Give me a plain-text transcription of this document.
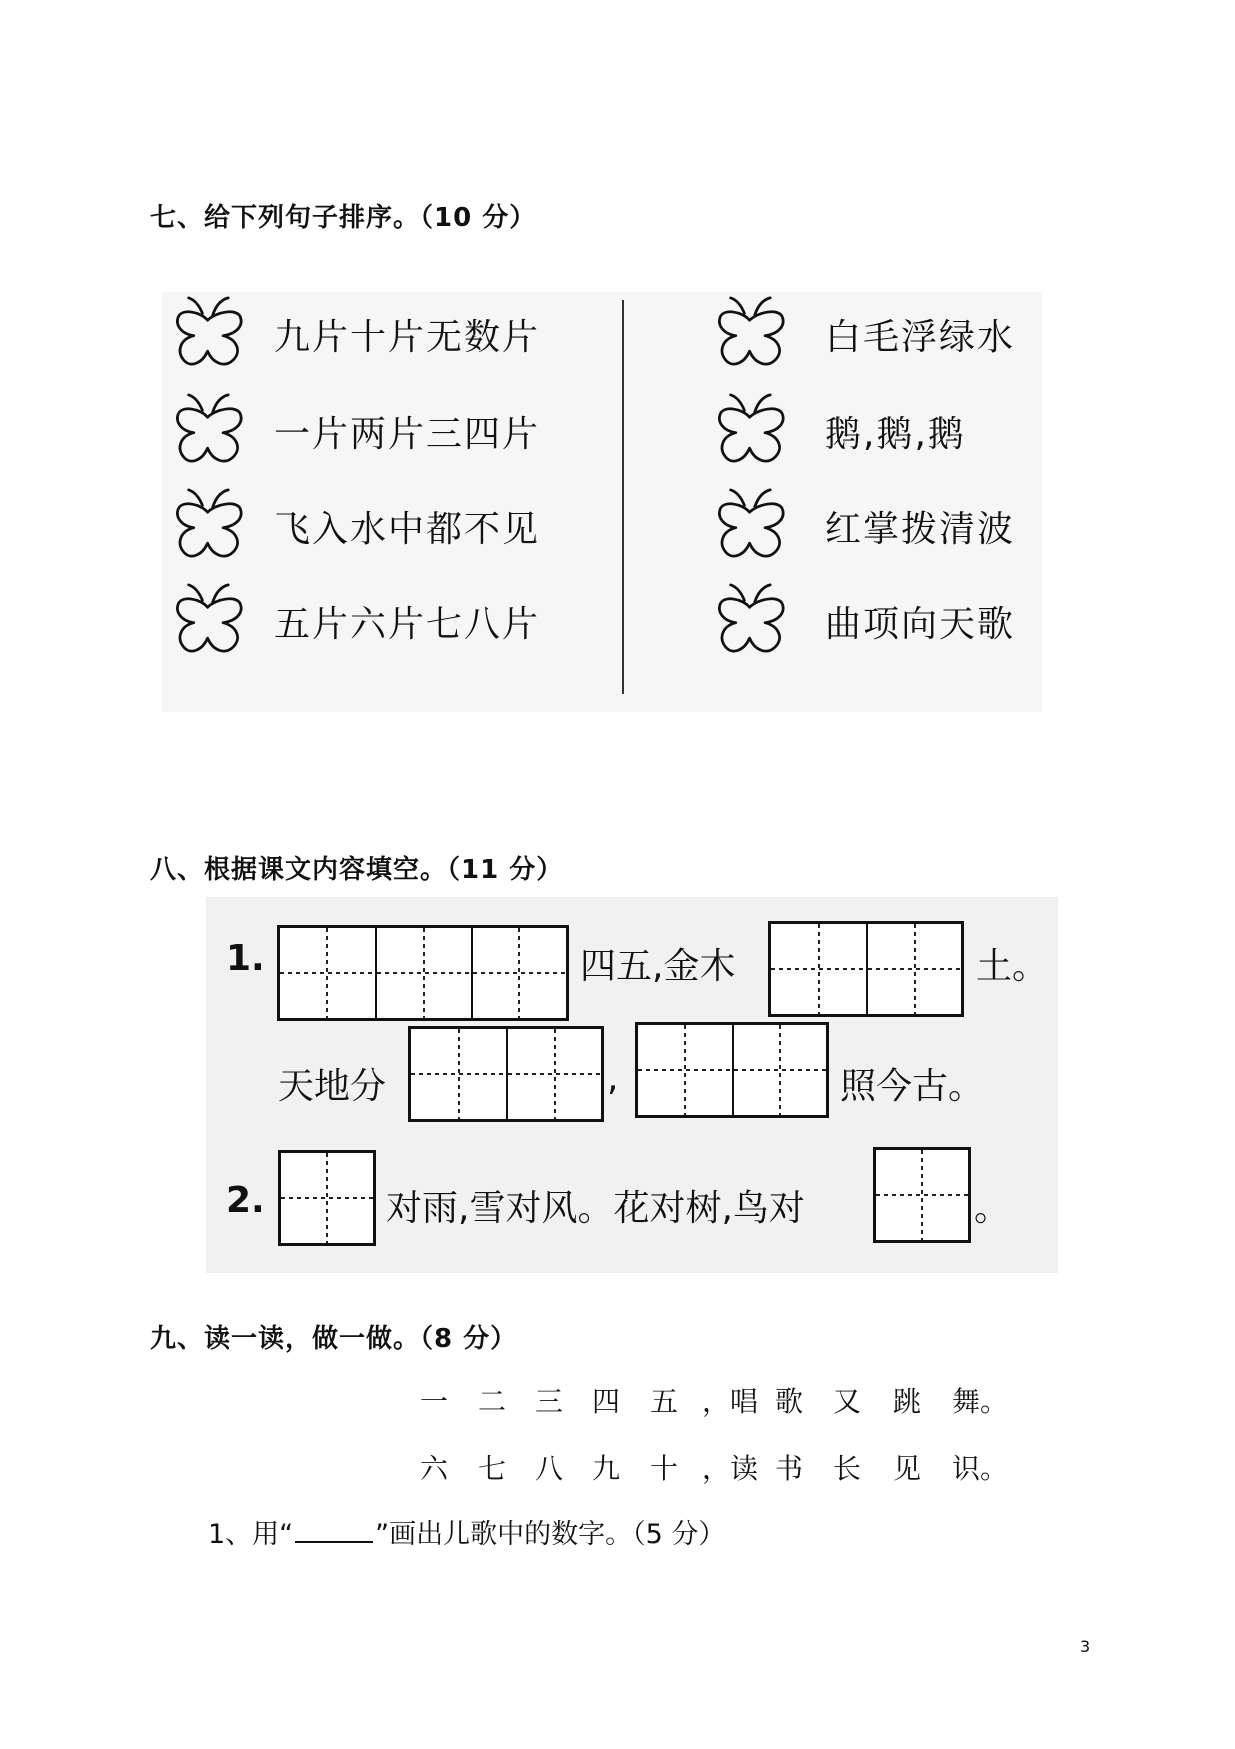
七、给下列句子排序。（10 分）
九片十片无数片
一片两片三四片
飞入水中都不见
五片六片七八片
白毛浮绿水
鹅,鹅,鹅
红掌拨清波
曲项向天歌
八、根据课文内容填空。（11 分）
1.	四五,金木	土。
天地分	,	照今古。
2.	对雨,雪对风。花对树,鸟对	。
九、读一读，做一做。（8 分）
一 二 三 四 五 ，唱 歌 又 跳 舞。
六 七 八 九 十 ，读 书 长 见 识。
1、用“	”画出儿歌中的数字。（5 分）
3
